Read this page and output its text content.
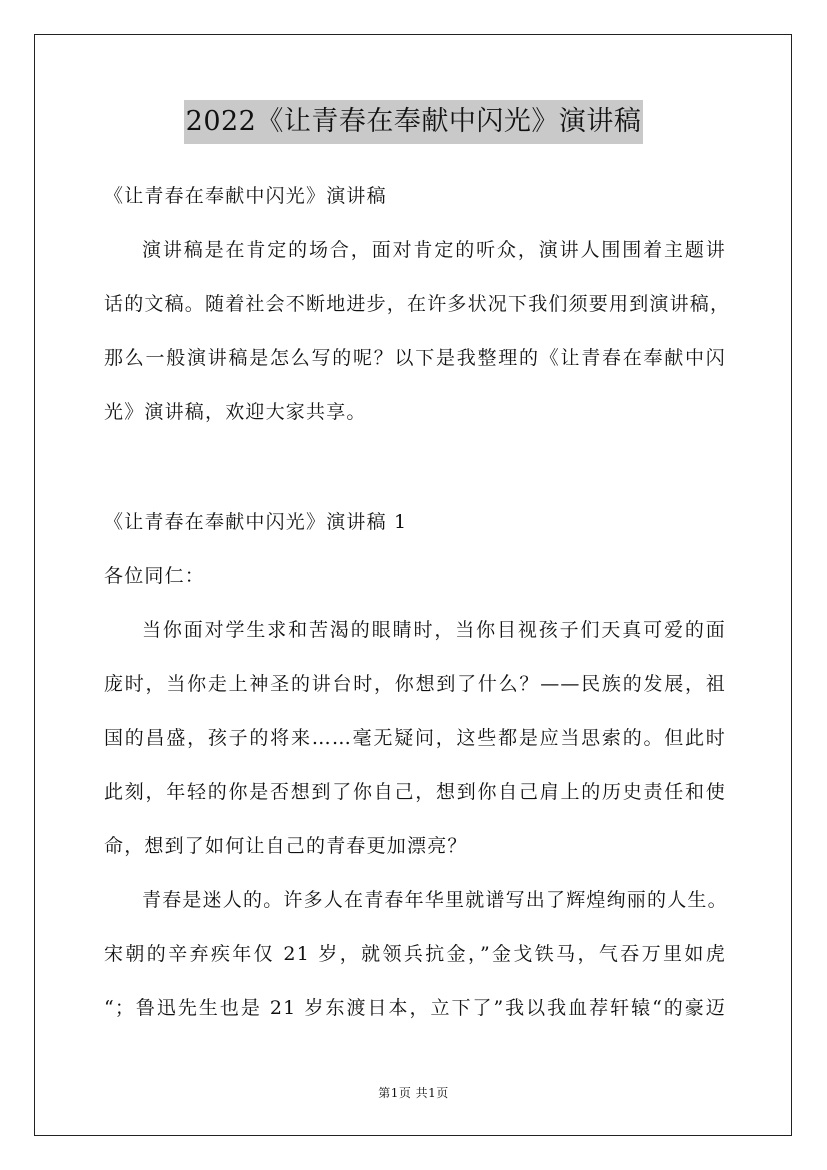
2022《让青春在奉献中闪光》演讲稿
《让青春在奉献中闪光》演讲稿
演讲稿是在肯定的场合，面对肯定的听众，演讲人围围着主题讲
话的文稿。随着社会不断地进步，在许多状况下我们须要用到演讲稿，
那么一般演讲稿是怎么写的呢？以下是我整理的《让青春在奉献中闪
光》演讲稿，欢迎大家共享。
《让青春在奉献中闪光》演讲稿 1
各位同仁：
当你面对学生求和苦渴的眼睛时，当你目视孩子们天真可爱的面
庞时，当你走上神圣的讲台时，你想到了什么？——民族的发展，祖
国的昌盛，孩子的将来……毫无疑问，这些都是应当思索的。但此时
此刻，年轻的你是否想到了你自己，想到你自己肩上的历史责任和使
命，想到了如何让自己的青春更加漂亮？
青春是迷人的。许多人在青春年华里就谱写出了辉煌绚丽的人生。
宋朝的辛弃疾年仅 21 岁，就领兵抗金，”金戈铁马，气吞万里如虎
“；鲁迅先生也是 21 岁东渡日本，立下了”我以我血荐轩辕“的豪迈
第1页 共1页
